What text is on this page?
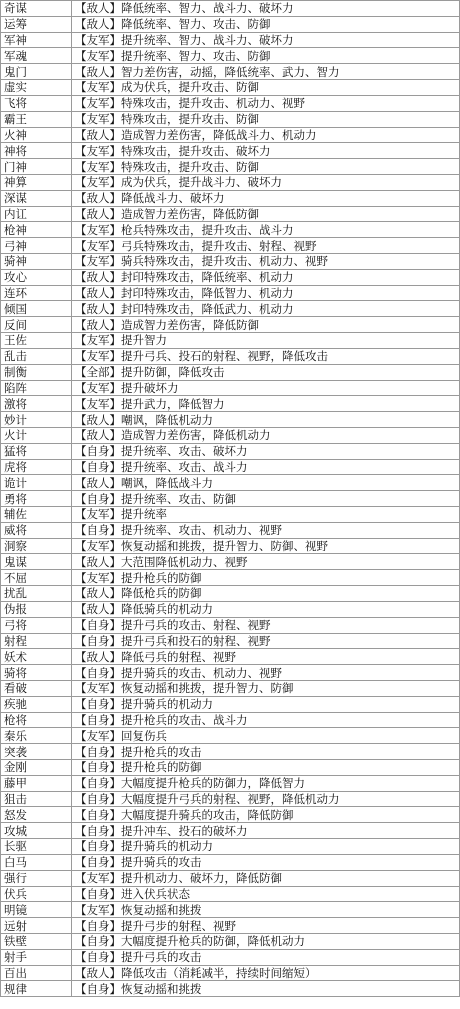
奇谋	【敌人】降低统率、智力、战斗力、破坏力
运筹	【敌人】降低统率、智力、攻击、防御
军神	【友军】提升统率、智力、战斗力、破坏力
军魂	【友军】提升统率、智力、攻击、防御
鬼门	【敌人】智力差伤害，动摇，降低统率、武力、智力
虚实	【友军】成为伏兵，提升攻击、防御
飞将	【友军】特殊攻击，提升攻击、机动力、视野
霸王	【友军】特殊攻击，提升攻击、防御
火神	【敌人】造成智力差伤害，降低战斗力、机动力
神将	【友军】特殊攻击，提升攻击、破坏力
门神	【友军】特殊攻击，提升攻击、防御
神算	【友军】成为伏兵，提升战斗力、破坏力
深谋	【敌人】降低战斗力、破坏力
内讧	【敌人】造成智力差伤害，降低防御
枪神	【友军】枪兵特殊攻击，提升攻击、战斗力
弓神	【友军】弓兵特殊攻击，提升攻击、射程、视野
骑神	【友军】骑兵特殊攻击，提升攻击、机动力、视野
攻心	【敌人】封印特殊攻击，降低统率、机动力
连环	【敌人】封印特殊攻击，降低智力、机动力
倾国	【敌人】封印特殊攻击，降低武力、机动力
反间	【敌人】造成智力差伤害，降低防御
王佐	【友军】提升智力
乱击	【友军】提升弓兵、投石的射程、视野，降低攻击
制衡	【全部】提升防御，降低攻击
陷阵	【友军】提升破坏力
激将	【友军】提升武力，降低智力
妙计	【敌人】嘲讽，降低机动力
火计	【敌人】造成智力差伤害，降低机动力
猛将	【自身】提升统率、攻击、破坏力
虎将	【自身】提升统率、攻击、战斗力
诡计	【敌人】嘲讽，降低战斗力
勇将	【自身】提升统率、攻击、防御
辅佐	【友军】提升统率
威将	【自身】提升统率、攻击、机动力、视野
洞察	【友军】恢复动摇和挑拨，提升智力、防御、视野
鬼谋	【敌人】大范围降低机动力、视野
不屈	【友军】提升枪兵的防御
扰乱	【敌人】降低枪兵的防御
伪报	【敌人】降低骑兵的机动力
弓将	【自身】提升弓兵的攻击、射程、视野
射程	【自身】提升弓兵和投石的射程、视野
妖术	【敌人】降低弓兵的射程、视野
骑将	【自身】提升骑兵的攻击、机动力、视野
看破	【友军】恢复动摇和挑拨，提升智力、防御
疾驰	【自身】提升骑兵的机动力
枪将	【自身】提升枪兵的攻击、战斗力
秦乐	【友军】回复伤兵
突袭	【自身】提升枪兵的攻击
金刚	【自身】提升枪兵的防御
藤甲	【自身】大幅度提升枪兵的防御力，降低智力
狙击	【自身】大幅度提升弓兵的射程、视野，降低机动力
怒发	【自身】大幅度提升骑兵的攻击，降低防御
攻城	【自身】提升冲车、投石的破坏力
长驱	【自身】提升骑兵的机动力
白马	【自身】提升骑兵的攻击
强行	【友军】提升机动力、破坏力，降低防御
伏兵	【自身】进入伏兵状态
明镜	【友军】恢复动摇和挑拨
远射	【自身】提升弓步的射程、视野
铁壁	【自身】大幅度提升枪兵的防御，降低机动力
射手	【自身】提升弓兵的攻击
百出	【敌人】降低攻击（消耗减半，持续时间缩短）
规律	【自身】恢复动摇和挑拨
